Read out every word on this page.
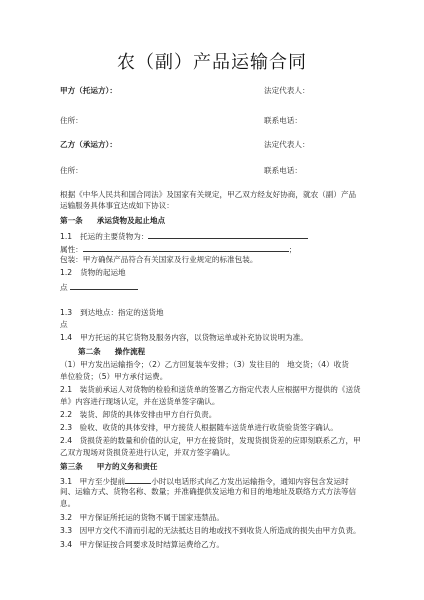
农（副）产品运输合同
甲方（托运方）：	法定代表人：
住所：	联系电话：
乙方（承运方）：	法定代表人：
住所：	联系电话：
根据《中华人民共和国合同法》及国家有关规定，甲乙双方经友好协商，就农（副）产品
运输服务具体事宜达成如下协议：
第一条 承运货物及起止地点
1.1 托运的主要货物为：
属性：	；
包装：甲方确保产品符合有关国家及行业规定的标准包装。
1.2 货物的起运地
点
1.3 到达地点：指定的送货地
点
1.4 甲方托运的其它货物及服务内容，以货物运单或补充协议说明为准。
第二条 操作流程
（1）甲方发出运输指令；（2）乙方回复装车安排；（3）发往目的　地交货；（4）收货
单位验货；（5）甲方承付运费。
2.1　装货前承运人对货物的检验和送货单的签署乙方指定代表人应根据甲方提供的《送货
单》内容进行现场认定，并在送货单签字确认。
2.2　装货、卸货的具体安排由甲方自行负责。
2.3　验收、收货的具体安排，甲方接货人根据随车送货单进行收货验货签字确认。
2.4　货损货差的数量和价值的认定，甲方在接货时，发现货损货差的应即刻联系乙方，甲
乙双方现场对货损货差进行认定，并双方签字确认。
第三条 甲方的义务和责任
3.1　甲方至少提前	小时以电话形式向乙方发出运输指令，通知内容包含发运时
间、运输方式、货物名称、数量；并准确提供发运地方和目的地地址及联络方式方法等信
息。
3.2　甲方保证所托运的货物不属于国家违禁品。
3.3　因甲方交代不清而引起的无法抵达目的地或找不到收货人所造成的损失由甲方负责。
3.4　甲方保证按合同要求及时结算运费给乙方。
